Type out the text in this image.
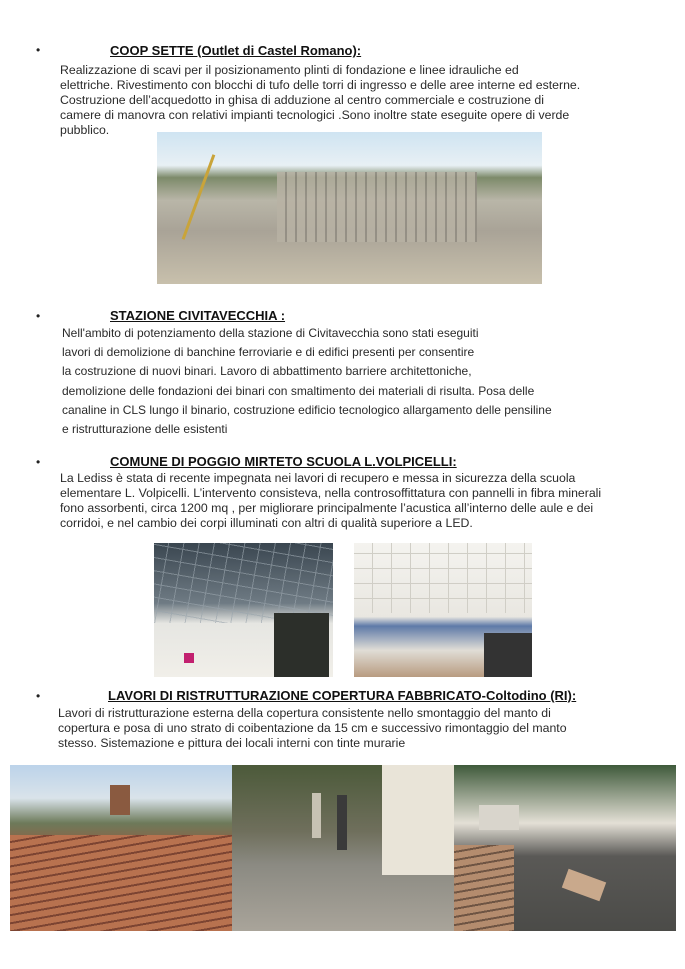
•	COOP SETTE (Outlet di Castel Romano):
Realizzazione di scavi per il posizionamento plinti di fondazione e linee idrauliche ed
elettriche. Rivestimento con blocchi di tufo delle torri di ingresso e delle aree interne ed esterne.
Costruzione dell’acquedotto in ghisa di adduzione al centro commerciale e costruzione di
camere di manovra con relativi impianti tecnologici .Sono inoltre state eseguite opere di verde
pubblico.
•	STAZIONE CIVITAVECCHIA :
Nell'ambito di potenziamento della stazione di Civitavecchia sono stati eseguiti
lavori di demolizione di banchine ferroviarie e di edifici presenti per consentire
la costruzione di nuovi binari. Lavoro di abbattimento barriere architettoniche,
demolizione delle fondazioni dei binari con smaltimento dei materiali di risulta. Posa delle
canaline in CLS lungo il binario, costruzione edificio tecnologico allargamento delle pensiline
e ristrutturazione delle esistenti
•	COMUNE DI POGGIO MIRTETO SCUOLA L.VOLPICELLI:
La Lediss è stata di recente impegnata nei lavori di recupero e messa in sicurezza della scuola
elementare L. Volpicelli. L’intervento consisteva, nella controsoffittatura con pannelli in fibra minerali
fono assorbenti, circa 1200 mq , per migliorare principalmente l’acustica all’interno delle aule e dei
corridoi, e nel cambio dei corpi illuminati con altri di qualità superiore a LED.
•	LAVORI DI RISTRUTTURAZIONE COPERTURA FABBRICATO-Coltodino (RI):
Lavori di ristrutturazione esterna della copertura consistente nello smontaggio del manto di
copertura e posa di uno strato di coibentazione da 15 cm e successivo rimontaggio del manto
stesso. Sistemazione e pittura dei locali interni con tinte murarie
